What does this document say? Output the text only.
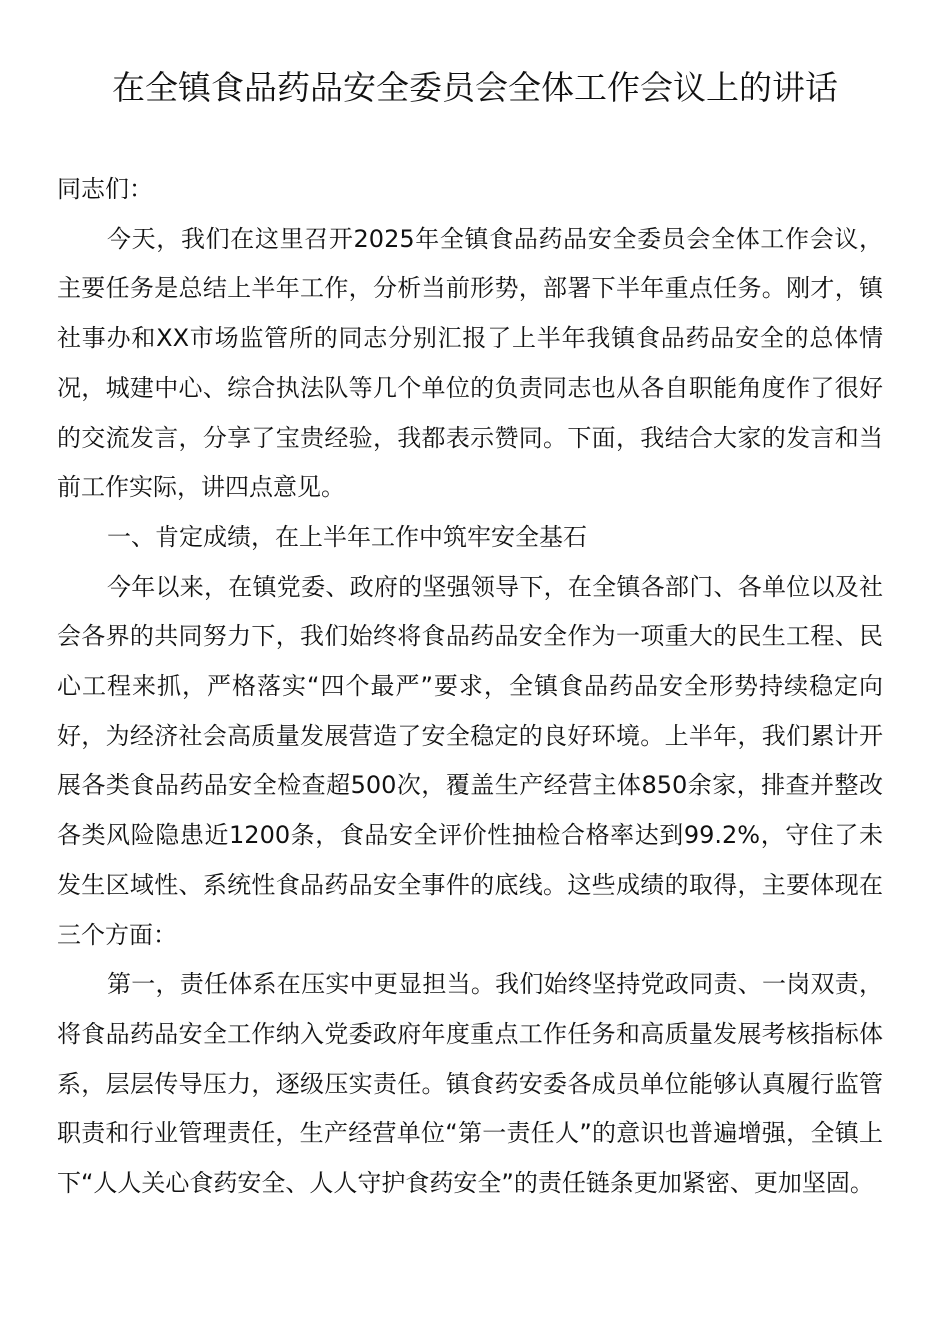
在全镇食品药品安全委员会全体工作会议上的讲话

同志们：

今天，我们在这里召开2025年全镇食品药品安全委员会全体工作会议，主要任务是总结上半年工作，分析当前形势，部署下半年重点任务。刚才，镇社事办和XX市场监管所的同志分别汇报了上半年我镇食品药品安全的总体情况，城建中心、综合执法队等几个单位的负责同志也从各自职能角度作了很好的交流发言，分享了宝贵经验，我都表示赞同。下面，我结合大家的发言和当前工作实际，讲四点意见。

一、肯定成绩，在上半年工作中筑牢安全基石

今年以来，在镇党委、政府的坚强领导下，在全镇各部门、各单位以及社会各界的共同努力下，我们始终将食品药品安全作为一项重大的民生工程、民心工程来抓，严格落实“四个最严”要求，全镇食品药品安全形势持续稳定向好，为经济社会高质量发展营造了安全稳定的良好环境。上半年，我们累计开展各类食品药品安全检查超500次，覆盖生产经营主体850余家，排查并整改各类风险隐患近1200条，食品安全评价性抽检合格率达到99.2%，守住了未发生区域性、系统性食品药品安全事件的底线。这些成绩的取得，主要体现在三个方面：

第一，责任体系在压实中更显担当。我们始终坚持党政同责、一岗双责，将食品药品安全工作纳入党委政府年度重点工作任务和高质量发展考核指标体系，层层传导压力，逐级压实责任。镇食药安委各成员单位能够认真履行监管职责和行业管理责任，生产经营单位“第一责任人”的意识也普遍增强，全镇上下“人人关心食药安全、人人守护食药安全”的责任链条更加紧密、更加坚固。
